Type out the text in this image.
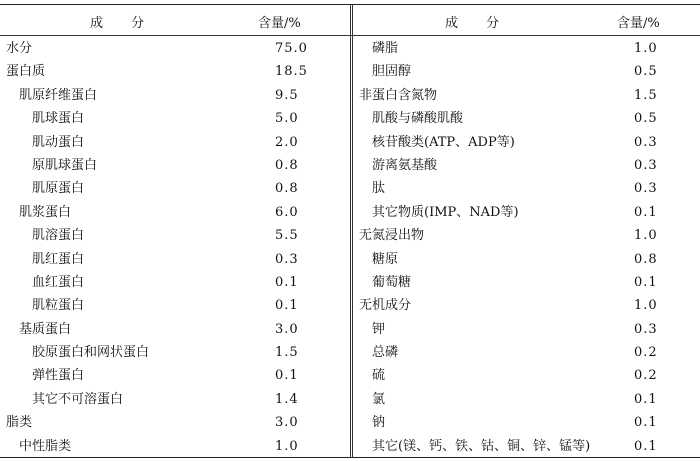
成分	含量/%
水分	75.0
蛋白质	18.5
肌原纤维蛋白	9.5
肌球蛋白	5.0
肌动蛋白	2.0
原肌球蛋白	0.8
肌原蛋白	0.8
肌浆蛋白	6.0
肌溶蛋白	5.5
肌红蛋白	0.3
血红蛋白	0.1
肌粒蛋白	0.1
基质蛋白	3.0
胶原蛋白和网状蛋白	1.5
弹性蛋白	0.1
其它不可溶蛋白	1.4
脂类	3.0
中性脂类	1.0
成分	含量/%
磷脂	1.0
胆固醇	0.5
非蛋白含氮物	1.5
肌酸与磷酸肌酸	0.5
核苷酸类(ATP、ADP等)	0.3
游离氨基酸	0.3
肽	0.3
其它物质(IMP、NAD等)	0.1
无氮浸出物	1.0
糖原	0.8
葡萄糖	0.1
无机成分	1.0
钾	0.3
总磷	0.2
硫	0.2
氯	0.1
钠	0.1
其它(镁、钙、铁、钴、铜、锌、锰等)	0.1
